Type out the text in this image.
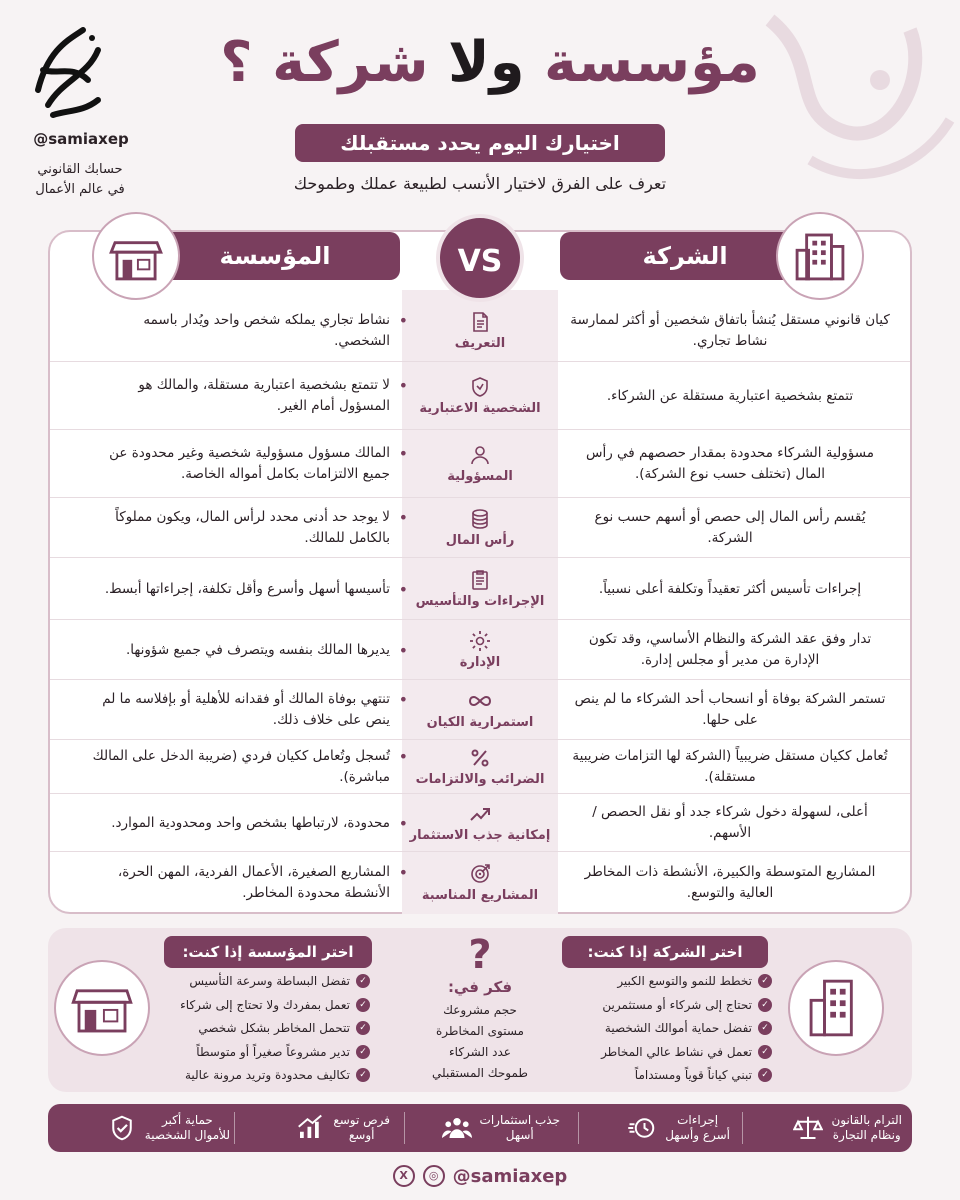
@samiaxep
حسابك القانوني
في عالم الأعمال
مؤسسة ولا شركة ؟
اختيارك اليوم يحدد مستقبلك
تعرف على الفرق لاختيار الأنسب لطبيعة عملك وطموحك
الشركة
المؤسسة	VS
كيان قانوني مستقل يُنشأ باتفاق شخصين أو أكثر لممارسة نشاط تجاري.
التعريف
• نشاط تجاري يملكه شخص واحد ويُدار باسمه الشخصي.
تتمتع بشخصية اعتبارية مستقلة عن الشركاء.
الشخصية الاعتبارية
• لا تتمتع بشخصية اعتبارية مستقلة، والمالك هو المسؤول أمام الغير.
مسؤولية الشركاء محدودة بمقدار حصصهم في رأس المال (تختلف حسب نوع الشركة).
المسؤولية
• المالك مسؤول مسؤولية شخصية وغير محدودة عن جميع الالتزامات بكامل أمواله الخاصة.
يُقسم رأس المال إلى حصص أو أسهم حسب نوع الشركة.
رأس المال
• لا يوجد حد أدنى محدد لرأس المال، ويكون مملوكاً بالكامل للمالك.
إجراءات تأسيس أكثر تعقيداً وتكلفة أعلى نسبياً.
الإجراءات والتأسيس
• تأسيسها أسهل وأسرع وأقل تكلفة، إجراءاتها أبسط.
تدار وفق عقد الشركة والنظام الأساسي، وقد تكون الإدارة من مدير أو مجلس إدارة.
الإدارة
• يديرها المالك بنفسه ويتصرف في جميع شؤونها.
تستمر الشركة بوفاة أو انسحاب أحد الشركاء ما لم ينص على حلها.
استمرارية الكيان
• تنتهي بوفاة المالك أو فقدانه للأهلية أو بإفلاسه ما لم ينص على خلاف ذلك.
تُعامل ككيان مستقل ضريبياً (الشركة لها التزامات ضريبية مستقلة).
الضرائب والالتزامات
• تُسجل وتُعامل ككيان فردي (ضريبة الدخل على المالك مباشرة).
أعلى، لسهولة دخول شركاء جدد أو نقل الحصص / الأسهم.
إمكانية جذب الاستثمار
• محدودة، لارتباطها بشخص واحد ومحدودية الموارد.
المشاريع المتوسطة والكبيرة، الأنشطة ذات المخاطر العالية والتوسع.
المشاريع المناسبة
• المشاريع الصغيرة، الأعمال الفردية، المهن الحرة، الأنشطة محدودة المخاطر.
اختر الشركة إذا كنت:
اختر المؤسسة إذا كنت:
✓ تخطط للنمو والتوسع الكبير
✓ تحتاج إلى شركاء أو مستثمرين
✓ تفضل حماية أموالك الشخصية
✓ تعمل في نشاط عالي المخاطر
✓ تبني كياناً قوياً ومستداماً
✓ تفضل البساطة وسرعة التأسيس
✓ تعمل بمفردك ولا تحتاج إلى شركاء
✓ تتحمل المخاطر بشكل شخصي
✓ تدير مشروعاً صغيراً أو متوسطاً
✓ تكاليف محدودة وتريد مرونة عالية
?
فكر في:
حجم مشروعك
مستوى المخاطرة
عدد الشركاء
طموحك المستقبلي
الترام بالقانون
ونظام التجارة
إجراءات
أسرع وأسهل
جذب استثمارات
أسهل
فرص توسع
أوسع
حماية أكبر
للأموال الشخصية
X	◎ @samiaxep
